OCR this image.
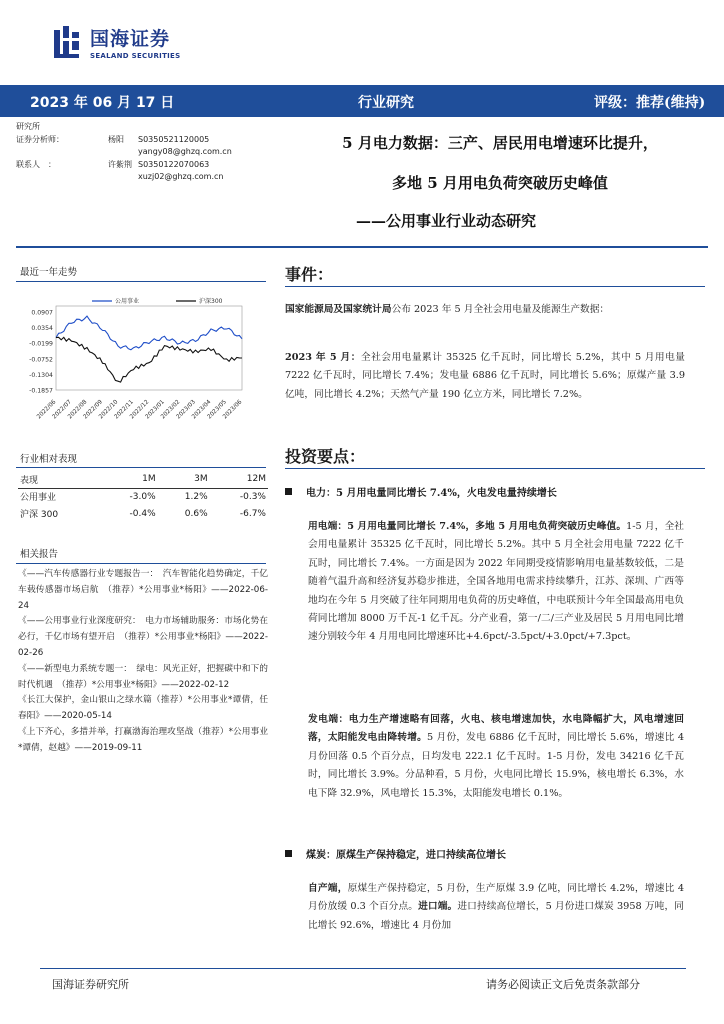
国海证券
SEALAND SECURITIES
2023 年 06 月 17 日	行业研究	评级：推荐(维持)
研究所
证券分析师：	杨阳	S0350521120005
yangy08@ghzq.com.cn
联系人　：	许紫荆 S0350122070063
xuzj02@ghzq.com.cn
5 月电力数据：三产、居民用电增速环比提升，
多地 5 月用电负荷突破历史峰值
——公用事业行业动态研究
最近一年走势
0.0907
0.0354
-0.0199
-0.0752
-0.1304
-0.1857
2022/06
2022/07
2022/08
2022/09
2022/10
2022/11
2022/12
2023/01
2023/02
2023/03
2023/04
2023/05
2023/06
公用事业	沪深300
行业相对表现
表现	1M	3M	12M
公用事业	-3.0%	1.2%	-0.3%
沪深 300	-0.4%	0.6%	-6.7%
相关报告

《——汽车传感器行业专题报告一：　汽车智能化趋势确定，千亿车载传感器市场启航　（推荐）*公用事业*杨阳》——2022-06-24

《——公用事业行业深度研究：　电力市场辅助服务：市场化势在必行，千亿市场有望开启　（推荐）*公用事业*杨阳》——2022-02-26

《——新型电力系统专题一：　绿电：风光正好，把握碳中和下的时代机遇　（推荐）*公用事业*杨阳》——2022-02-12

《长江大保护，金山银山之绿水篇（推荐）*公用事业*谭倩，任春阳》——2020-05-14

《上下齐心，多措并举，打赢渤海治理攻坚战（推荐）*公用事业*谭倩，赵越》——2019-09-11

事件：
国家能源局及国家统计局公布 2023 年 5 月全社会用电量及能源生产数据：
2023 年 5 月：全社会用电量累计 35325 亿千瓦时，同比增长 5.2%，其中 5 月用电量 7222 亿千瓦时，同比增长 7.4%；发电量 6886 亿千瓦时，同比增长 5.6%；原煤产量 3.9 亿吨，同比增长 4.2%；天然气产量 190 亿立方米，同比增长 7.2%。
投资要点：
电力：5 月用电量同比增长 7.4%，火电发电量持续增长
用电端：5 月用电量同比增长 7.4%，多地 5 月用电负荷突破历史峰值。1-5 月，全社会用电量累计 35325 亿千瓦时，同比增长 5.2%。其中 5 月全社会用电量 7222 亿千瓦时，同比增长 7.4%。一方面是因为 2022 年同期受疫情影响用电量基数较低，二是随着气温升高和经济复苏稳步推进，全国各地用电需求持续攀升，江苏、深圳、广西等地均在今年 5 月突破了往年同期用电负荷的历史峰值，中电联预计今年全国最高用电负荷同比增加 8000 万千瓦-1 亿千瓦。分产业看，第一/二/三产业及居民 5 月用电同比增速分别较今年 4 月用电同比增速环比+4.6pct/-3.5pct/+3.0pct/+7.3pct。
发电端：电力生产增速略有回落，火电、核电增速加快，水电降幅扩大，风电增速回落，太阳能发电由降转增。5 月份，发电 6886 亿千瓦时，同比增长 5.6%，增速比 4 月份回落 0.5 个百分点，日均发电 222.1 亿千瓦时。1-5 月份，发电 34216 亿千瓦时，同比增长 3.9%。分品种看，5 月份，火电同比增长 15.9%，核电增长 6.3%，水电下降 32.9%，风电增长 15.3%，太阳能发电增长 0.1%。
煤炭：原煤生产保持稳定，进口持续高位增长
自产端，原煤生产保持稳定，5 月份，生产原煤 3.9 亿吨，同比增长 4.2%，增速比 4 月份放缓 0.3 个百分点。进口端。进口持续高位增长，5 月份进口煤炭 3958 万吨，同比增长 92.6%，增速比 4 月份加
国海证券研究所	请务必阅读正文后免责条款部分
